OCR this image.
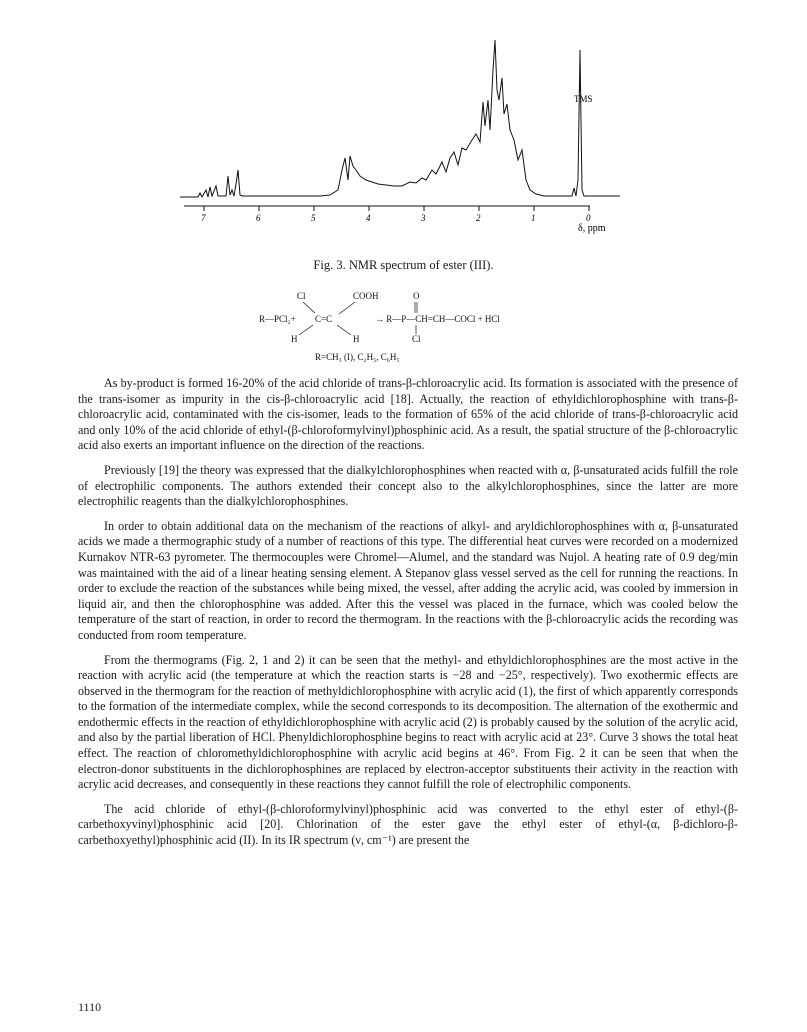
TMS
7	6	5	4	3	2	1	0
δ, ppm
Fig. 3. NMR spectrum of ester (III).
Cl	COOH	O
R—PCl₂+ C=C
H	H
→ R—P—CH=CH—COCl + HCl
Cl
R=CH₃ (I), C₂H₅, C₆H₅

As by-product is formed 16-20% of the acid chloride of trans-β-chloroacrylic acid. Its formation is associated with the presence of the trans-isomer as impurity in the cis-β-chloroacrylic acid [18]. Actually, the reaction of ethyldichlorophosphine with trans-β-chloroacrylic acid, contaminated with the cis-isomer, leads to the formation of 65% of the acid chloride of trans-β-chloroacrylic acid and only 10% of the acid chloride of ethyl-(β-chloroformylvinyl)phosphinic acid. As a result, the spatial structure of the β-chloroacrylic acid also exerts an important influence on the direction of the reactions.

Previously [19] the theory was expressed that the dialkylchlorophosphines when reacted with α, β-unsaturated acids fulfill the role of electrophilic components. The authors extended their concept also to the alkylchlorophosphines, since the latter are more electrophilic reagents than the dialkylchlorophosphines.

In order to obtain additional data on the mechanism of the reactions of alkyl- and aryldichlorophosphines with α, β-unsaturated acids we made a thermographic study of a number of reactions of this type. The differential heat curves were recorded on a modernized Kurnakov NTR-63 pyrometer. The thermocouples were Chromel—Alumel, and the standard was Nujol. A heating rate of 0.9 deg/min was maintained with the aid of a linear heating sensing element. A Stepanov glass vessel served as the cell for running the reactions. In order to exclude the reaction of the substances while being mixed, the vessel, after adding the acrylic acid, was cooled by immersion in liquid air, and then the chlorophosphine was added. After this the vessel was placed in the furnace, which was cooled below the temperature of the start of reaction, in order to record the thermogram. In the reactions with the β-chloroacrylic acids the recording was conducted from room temperature.

From the thermograms (Fig. 2, 1 and 2) it can be seen that the methyl- and ethyldichlorophosphines are the most active in the reaction with acrylic acid (the temperature at which the reaction starts is −28 and −25°, respectively). Two exothermic effects are observed in the thermogram for the reaction of methyldichlorophosphine with acrylic acid (1), the first of which apparently corresponds to the formation of the intermediate complex, while the second corresponds to its decomposition. The alternation of the exothermic and endothermic effects in the reaction of ethyldichlorophosphine with acrylic acid (2) is probably caused by the solution of the acrylic acid, and also by the partial liberation of HCl. Phenyldichlorophosphine begins to react with acrylic acid at 23°. Curve 3 shows the total heat effect. The reaction of chloromethyldichlorophosphine with acrylic acid begins at 46°. From Fig. 2 it can be seen that when the electron-donor substituents in the dichlorophosphines are replaced by electron-acceptor substituents their activity in the reaction with acrylic acid decreases, and consequently in these reactions they cannot fulfill the role of electrophilic components.

The acid chloride of ethyl-(β-chloroformylvinyl)phosphinic acid was converted to the ethyl ester of ethyl-(β-carbethoxyvinyl)phosphinic acid [20]. Chlorination of the ester gave the ethyl ester of ethyl-(α, β-dichloro-β-carbethoxyethyl)phosphinic acid (II). In its IR spectrum (ν, cm⁻¹) are present the

1110
